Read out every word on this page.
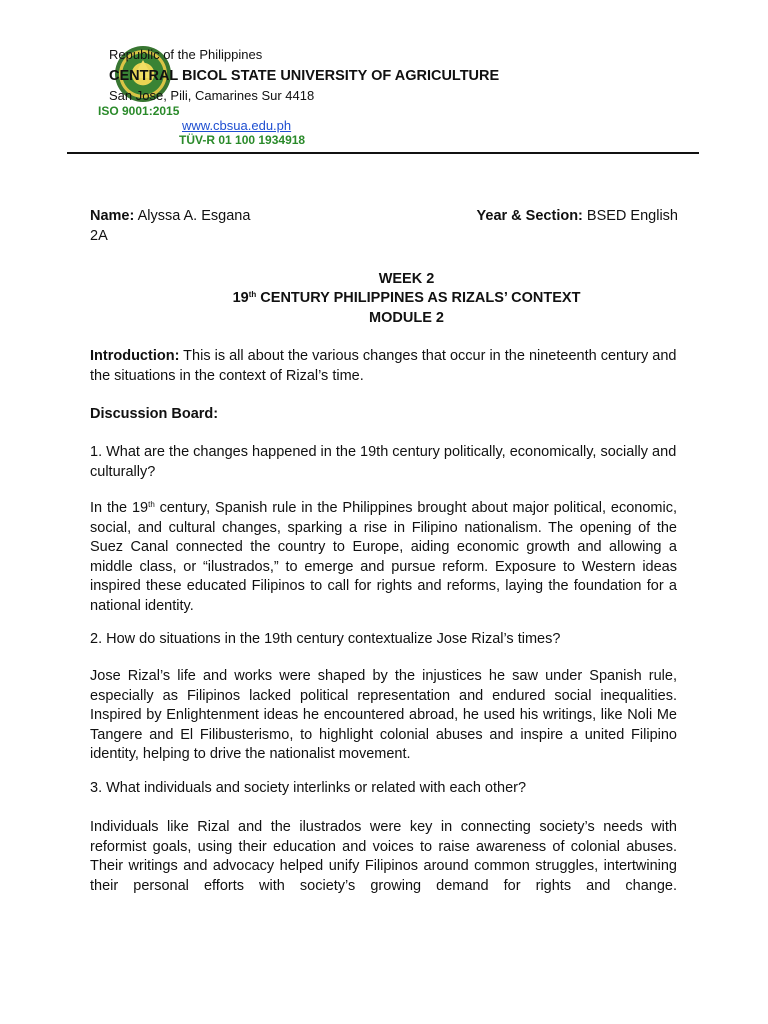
Republic of the Philippines
CENTRAL BICOL STATE UNIVERSITY OF AGRICULTURE
San Jose, Pili, Camarines Sur 4418
ISO 9001:2015
www.cbsua.edu.ph
TÜV-R 01 100 1934918
Name: Alyssa A. Esgana	Year & Section: BSED English
2A
WEEK 2
19th CENTURY PHILIPPINES AS RIZALS’ CONTEXT
MODULE 2
Introduction: This is all about the various changes that occur in the nineteenth century and the situations in the context of Rizal’s time.
Discussion Board:
1. What are the changes happened in the 19th century politically, economically, socially and culturally?
In the 19th century, Spanish rule in the Philippines brought about major political, economic, social, and cultural changes, sparking a rise in Filipino nationalism. The opening of the Suez Canal connected the country to Europe, aiding economic growth and allowing a middle class, or “ilustrados,” to emerge and pursue reform. Exposure to Western ideas inspired these educated Filipinos to call for rights and reforms, laying the foundation for a national identity.
2. How do situations in the 19th century contextualize Jose Rizal’s times?
Jose Rizal’s life and works were shaped by the injustices he saw under Spanish rule, especially as Filipinos lacked political representation and endured social inequalities. Inspired by Enlightenment ideas he encountered abroad, he used his writings, like Noli Me Tangere and El Filibusterismo, to highlight colonial abuses and inspire a united Filipino identity, helping to drive the nationalist movement.
3. What individuals and society interlinks or related with each other?
Individuals like Rizal and the ilustrados were key in connecting society’s needs with reformist goals, using their education and voices to raise awareness of colonial abuses. Their writings and advocacy helped unify Filipinos around common struggles, intertwining their personal efforts with society’s growing demand for rights and change.
